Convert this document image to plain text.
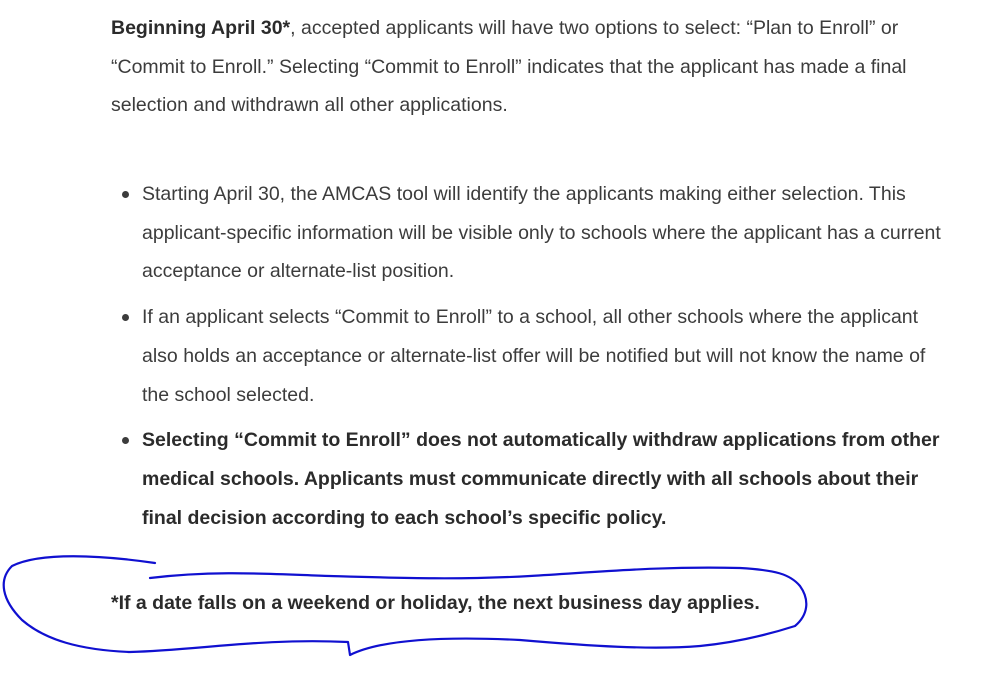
Beginning April 30*, accepted applicants will have two options to select: “Plan to Enroll” or “Commit to Enroll.” Selecting “Commit to Enroll” indicates that the applicant has made a final selection and withdrawn all other applications.

Starting April 30, the AMCAS tool will identify the applicants making either selection. This applicant-specific information will be visible only to schools where the applicant has a current acceptance or alternate-list position.
If an applicant selects “Commit to Enroll” to a school, all other schools where the applicant also holds an acceptance or alternate-list offer will be notified but will not know the name of the school selected.
Selecting “Commit to Enroll” does not automatically withdraw applications from other medical schools. Applicants must communicate directly with all schools about their final decision according to each school’s specific policy.

*If a date falls on a weekend or holiday, the next business day applies.
